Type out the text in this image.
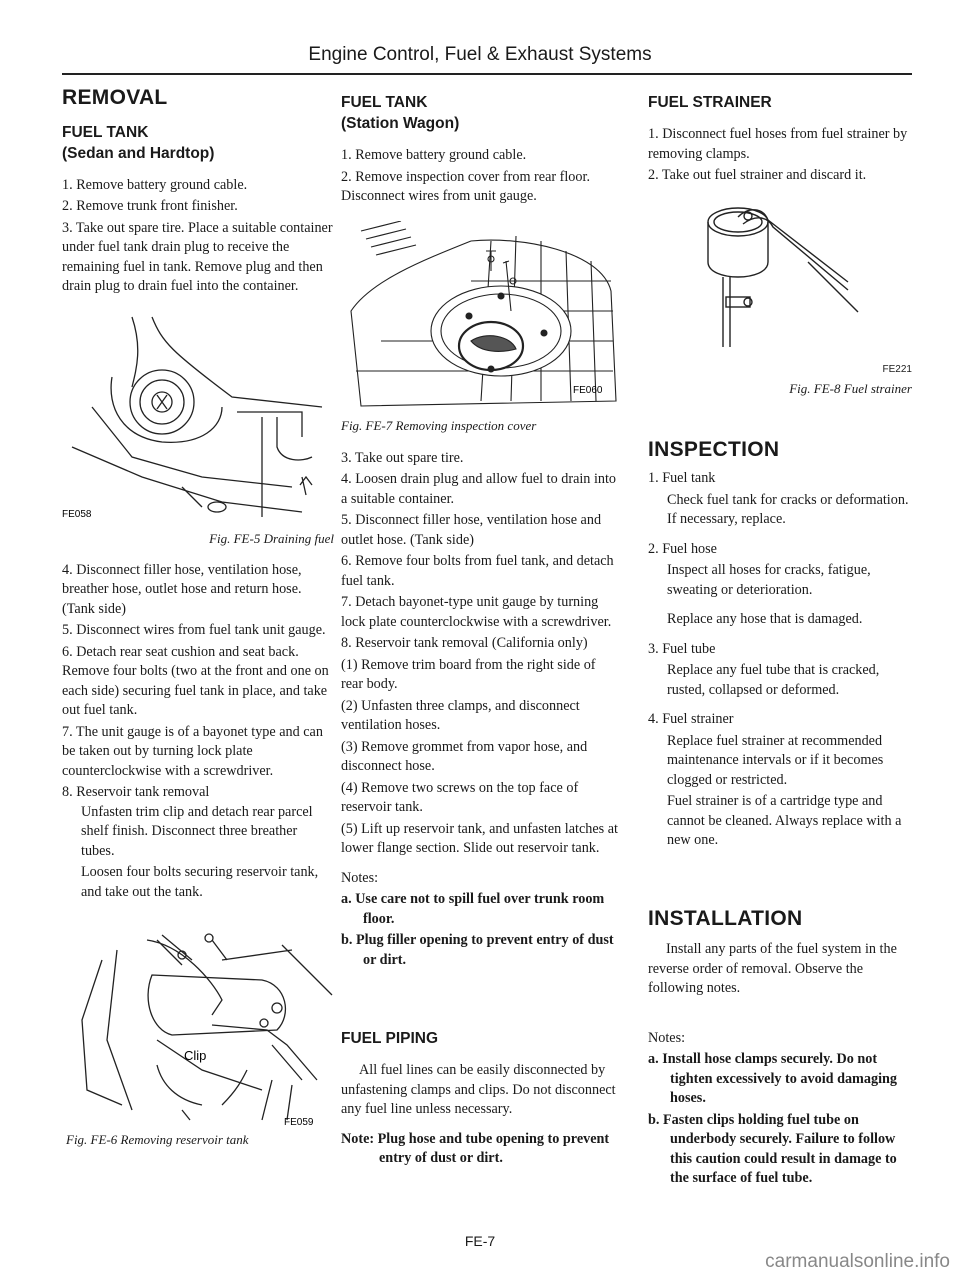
Engine Control, Fuel & Exhaust Systems
REMOVAL
FUEL TANK
(Sedan and Hardtop)

1. Remove battery ground cable.

2. Remove trunk front finisher.

3. Take out spare tire. Place a suitable container under fuel tank drain plug to receive the remaining fuel in tank. Remove plug and then drain plug to drain fuel into the container.

FE058
Fig. FE-5 Draining fuel

4. Disconnect filler hose, ventilation hose, breather hose, outlet hose and return hose. (Tank side)

5. Disconnect wires from fuel tank unit gauge.

6. Detach rear seat cushion and seat back. Remove four bolts (two at the front and one on each side) securing fuel tank in place, and take out fuel tank.

7. The unit gauge is of a bayonet type and can be taken out by turning lock plate counterclockwise with a screwdriver.

8. Reservoir tank removal

Unfasten trim clip and detach rear parcel shelf finish. Disconnect three breather tubes.

Loosen four bolts securing reservoir tank, and take out the tank.

Clip
FE059
Fig. FE-6 Removing reservoir tank
FUEL TANK
(Station Wagon)

1. Remove battery ground cable.

2. Remove inspection cover from rear floor. Disconnect wires from unit gauge.

FE060
Fig. FE-7 Removing inspection cover

3. Take out spare tire.

4. Loosen drain plug and allow fuel to drain into a suitable container.

5. Disconnect filler hose, ventilation hose and outlet hose. (Tank side)

6. Remove four bolts from fuel tank, and detach fuel tank.

7. Detach bayonet-type unit gauge by turning lock plate counterclockwise with a screwdriver.

8. Reservoir tank removal (California only)

(1) Remove trim board from the right side of rear body.

(2) Unfasten three clamps, and disconnect ventilation hoses.

(3) Remove grommet from vapor hose, and disconnect hose.

(4) Remove two screws on the top face of reservoir tank.

(5) Lift up reservoir tank, and unfasten latches at lower flange section. Slide out reservoir tank.

Notes:

a. Use care not to spill fuel over trunk room floor.

b. Plug filler opening to prevent entry of dust or dirt.

FUEL PIPING

All fuel lines can be easily disconnected by unfastening clamps and clips. Do not disconnect any fuel line unless necessary.

Note: Plug hose and tube opening to prevent entry of dust or dirt.

FUEL STRAINER

1. Disconnect fuel hoses from fuel strainer by removing clamps.

2. Take out fuel strainer and discard it.

FE221
Fig. FE-8 Fuel strainer
INSPECTION

1. Fuel tank

Check fuel tank for cracks or deformation. If necessary, replace.

2. Fuel hose

Inspect all hoses for cracks, fatigue, sweating or deterioration.

Replace any hose that is damaged.

3. Fuel tube

Replace any fuel tube that is cracked, rusted, collapsed or deformed.

4. Fuel strainer

Replace fuel strainer at recommended maintenance intervals or if it becomes clogged or restricted.

Fuel strainer is of a cartridge type and cannot be cleaned. Always replace with a new one.

INSTALLATION

Install any parts of the fuel system in the reverse order of removal. Observe the following notes.

Notes:

a. Install hose clamps securely. Do not tighten excessively to avoid damaging hoses.

b. Fasten clips holding fuel tube on underbody securely. Failure to follow this caution could result in damage to the surface of fuel tube.

FE-7
carmanualsonline.info
